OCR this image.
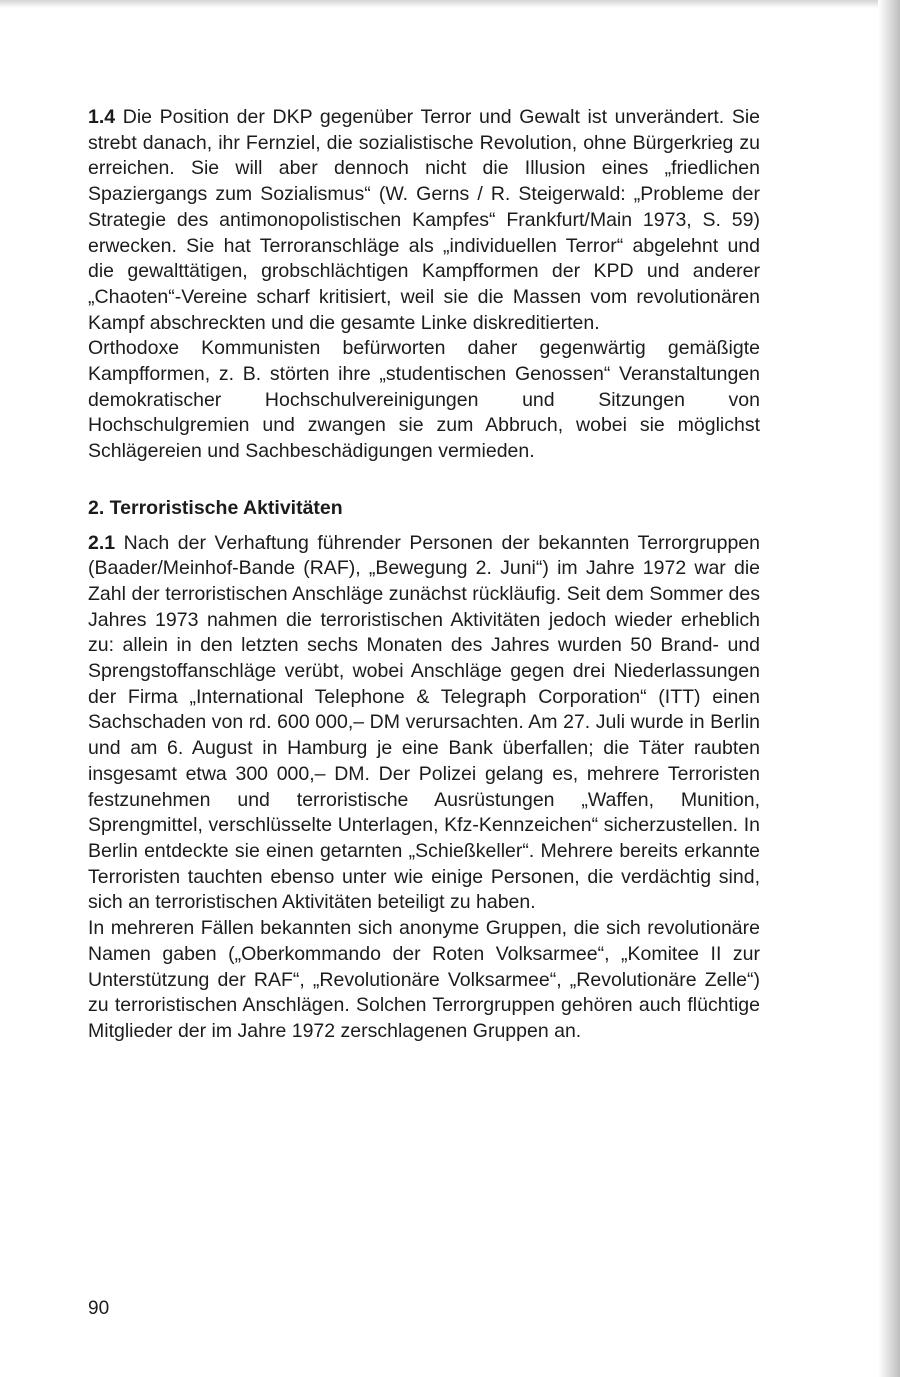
1.4 Die Position der DKP gegenüber Terror und Gewalt ist unverändert. Sie strebt danach, ihr Fernziel, die sozialistische Revolution, ohne Bürgerkrieg zu erreichen. Sie will aber dennoch nicht die Illusion eines „friedlichen Spaziergangs zum Sozialismus“ (W. Gerns / R. Steigerwald: „Probleme der Strategie des antimonopolistischen Kampfes“ Frankfurt/Main 1973, S. 59) erwecken. Sie hat Terroranschläge als „individuellen Terror“ abgelehnt und die gewalttätigen, grobschlächtigen Kampfformen der KPD und anderer „Chaoten“-Vereine scharf kritisiert, weil sie die Massen vom revolutionären Kampf abschreckten und die gesamte Linke diskreditierten.

Orthodoxe Kommunisten befürworten daher gegenwärtig gemäßigte Kampfformen, z. B. störten ihre „studentischen Genossen“ Veranstaltungen demokratischer Hochschulvereinigungen und Sitzungen von Hochschulgremien und zwangen sie zum Abbruch, wobei sie möglichst Schlägereien und Sachbeschädigungen vermieden.

2. Terroristische Aktivitäten

2.1 Nach der Verhaftung führender Personen der bekannten Terrorgruppen (Baader/Meinhof-Bande (RAF), „Bewegung 2. Juni“) im Jahre 1972 war die Zahl der terroristischen Anschläge zunächst rückläufig. Seit dem Sommer des Jahres 1973 nahmen die terroristischen Aktivitäten jedoch wieder erheblich zu: allein in den letzten sechs Monaten des Jahres wurden 50 Brand- und Sprengstoffanschläge verübt, wobei Anschläge gegen drei Niederlassungen der Firma „International Telephone & Telegraph Corporation“ (ITT) einen Sachschaden von rd. 600 000,– DM verursachten. Am 27. Juli wurde in Berlin und am 6. August in Hamburg je eine Bank überfallen; die Täter raubten insgesamt etwa 300 000,– DM. Der Polizei gelang es, mehrere Terroristen festzunehmen und terroristische Ausrüstungen „Waffen, Munition, Sprengmittel, verschlüsselte Unterlagen, Kfz-Kennzeichen“ sicherzustellen. In Berlin entdeckte sie einen getarnten „Schießkeller“. Mehrere bereits erkannte Terroristen tauchten ebenso unter wie einige Personen, die verdächtig sind, sich an terroristischen Aktivitäten beteiligt zu haben.

In mehreren Fällen bekannten sich anonyme Gruppen, die sich revolutionäre Namen gaben („Oberkommando der Roten Volksarmee“, „Komitee II zur Unterstützung der RAF“, „Revolutionäre Volksarmee“, „Revolutionäre Zelle“) zu terroristischen Anschlägen. Solchen Terrorgruppen gehören auch flüchtige Mitglieder der im Jahre 1972 zerschlagenen Gruppen an.

90
